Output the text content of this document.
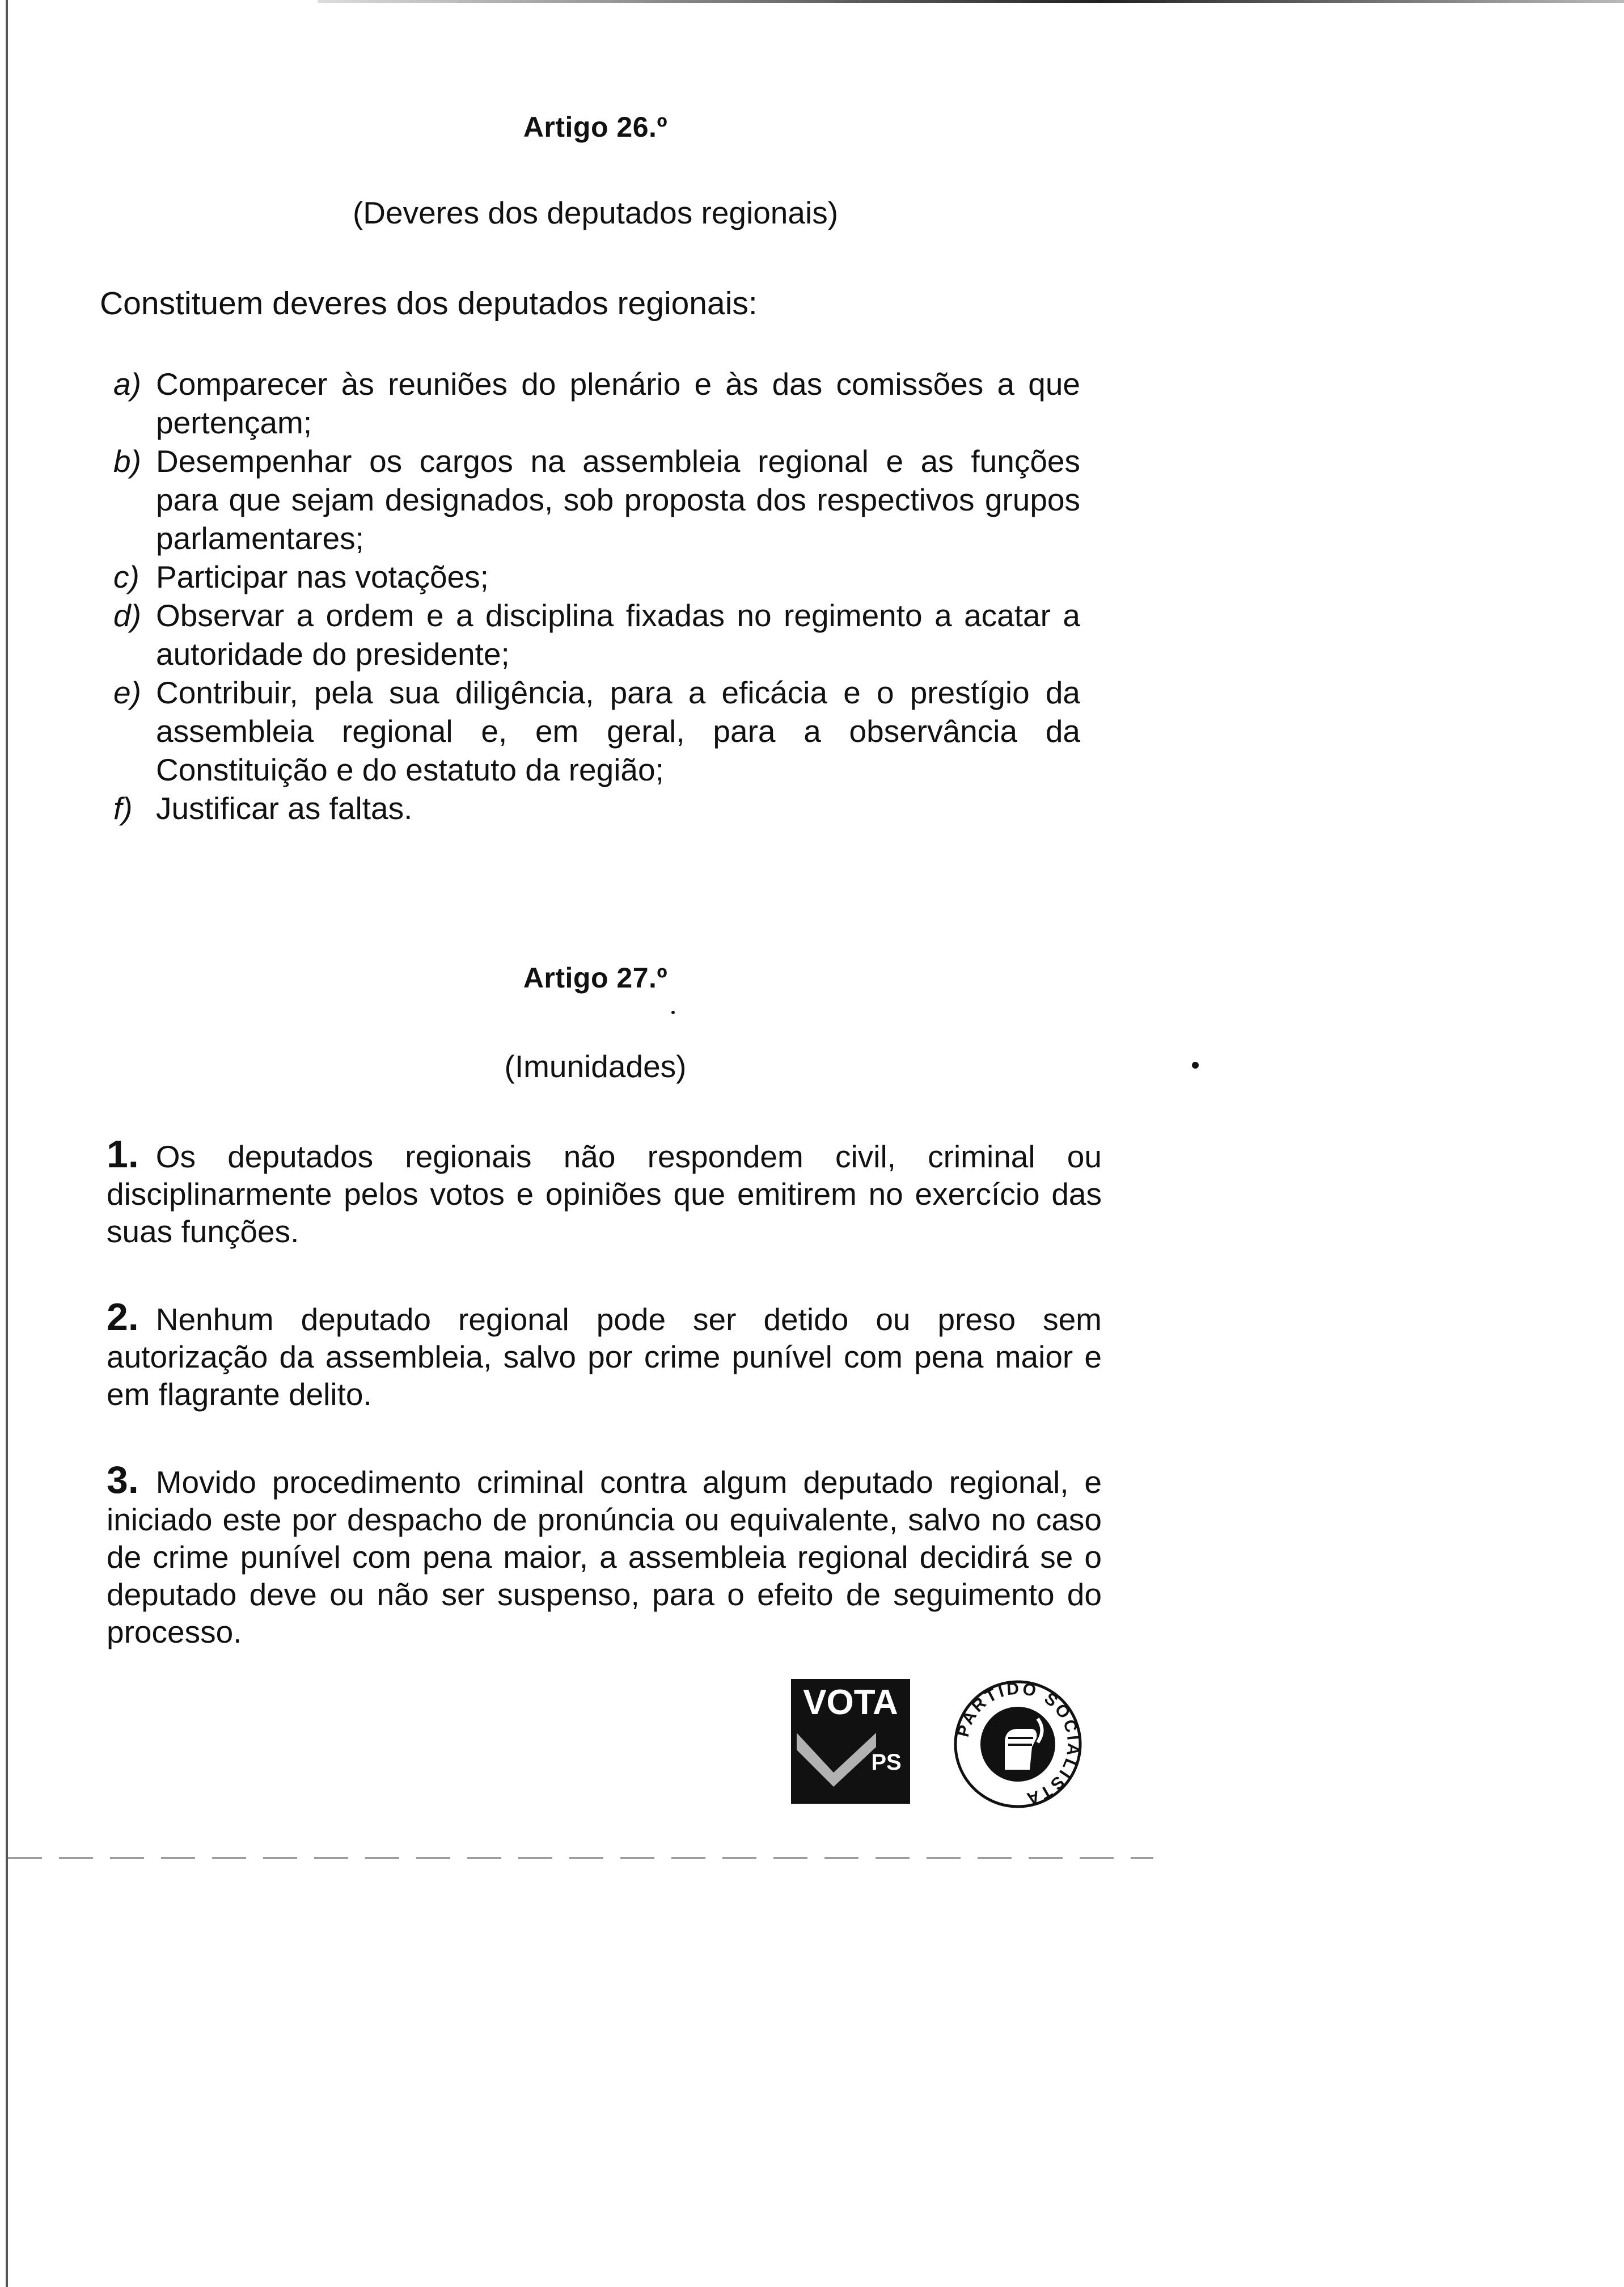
Artigo 26.º

(Deveres dos deputados regionais)

Constituem deveres dos deputados regionais:

a) Comparecer às reuniões do plenário e às das comissões a que pertençam;
b) Desempenhar os cargos na assembleia regional e as funções para que sejam designados, sob proposta dos respectivos grupos parlamentares;
c) Participar nas votações;
d) Observar a ordem e a disciplina fixadas no regimento a acatar a autoridade do presidente;
e) Contribuir, pela sua diligência, para a eficácia e o prestígio da assembleia regional e, em geral, para a observância da Constituição e do estatuto da região;
f) Justificar as faltas.
Artigo 27.º

(Imunidades)

1. Os deputados regionais não respondem civil, criminal ou disciplinarmente pelos votos e opiniões que emitirem no exercício das suas funções.

2. Nenhum deputado regional pode ser detido ou preso sem autorização da assembleia, salvo por crime punível com pena maior e em flagrante delito.

3. Movido procedimento criminal contra algum deputado regional, e iniciado este por despacho de pronúncia ou equivalente, salvo no caso de crime punível com pena maior, a assembleia regional decidirá se o deputado deve ou não ser suspenso, para o efeito de seguimento do processo.

VOTA
PS
PARTIDO SOCIALISTA
